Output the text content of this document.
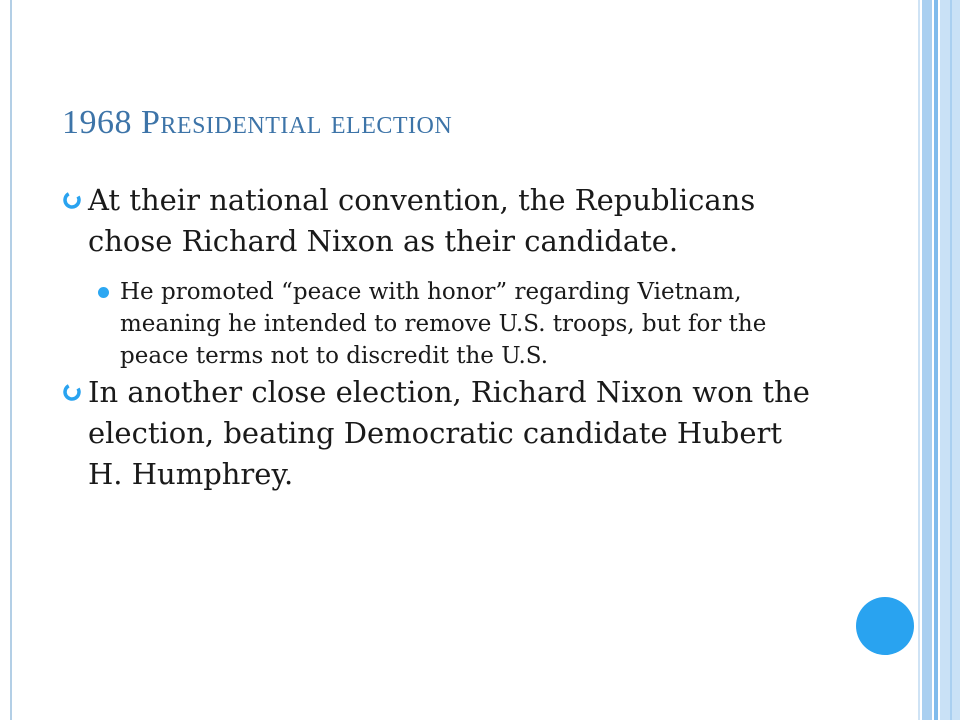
1968 Presidential election
At their national convention, the Republicans chose Richard Nixon as their candidate.
He promoted “peace with honor” regarding Vietnam, meaning he intended to remove U.S. troops, but for the peace terms not to discredit the U.S.
In another close election, Richard Nixon won the election, beating Democratic candidate Hubert H. Humphrey.
